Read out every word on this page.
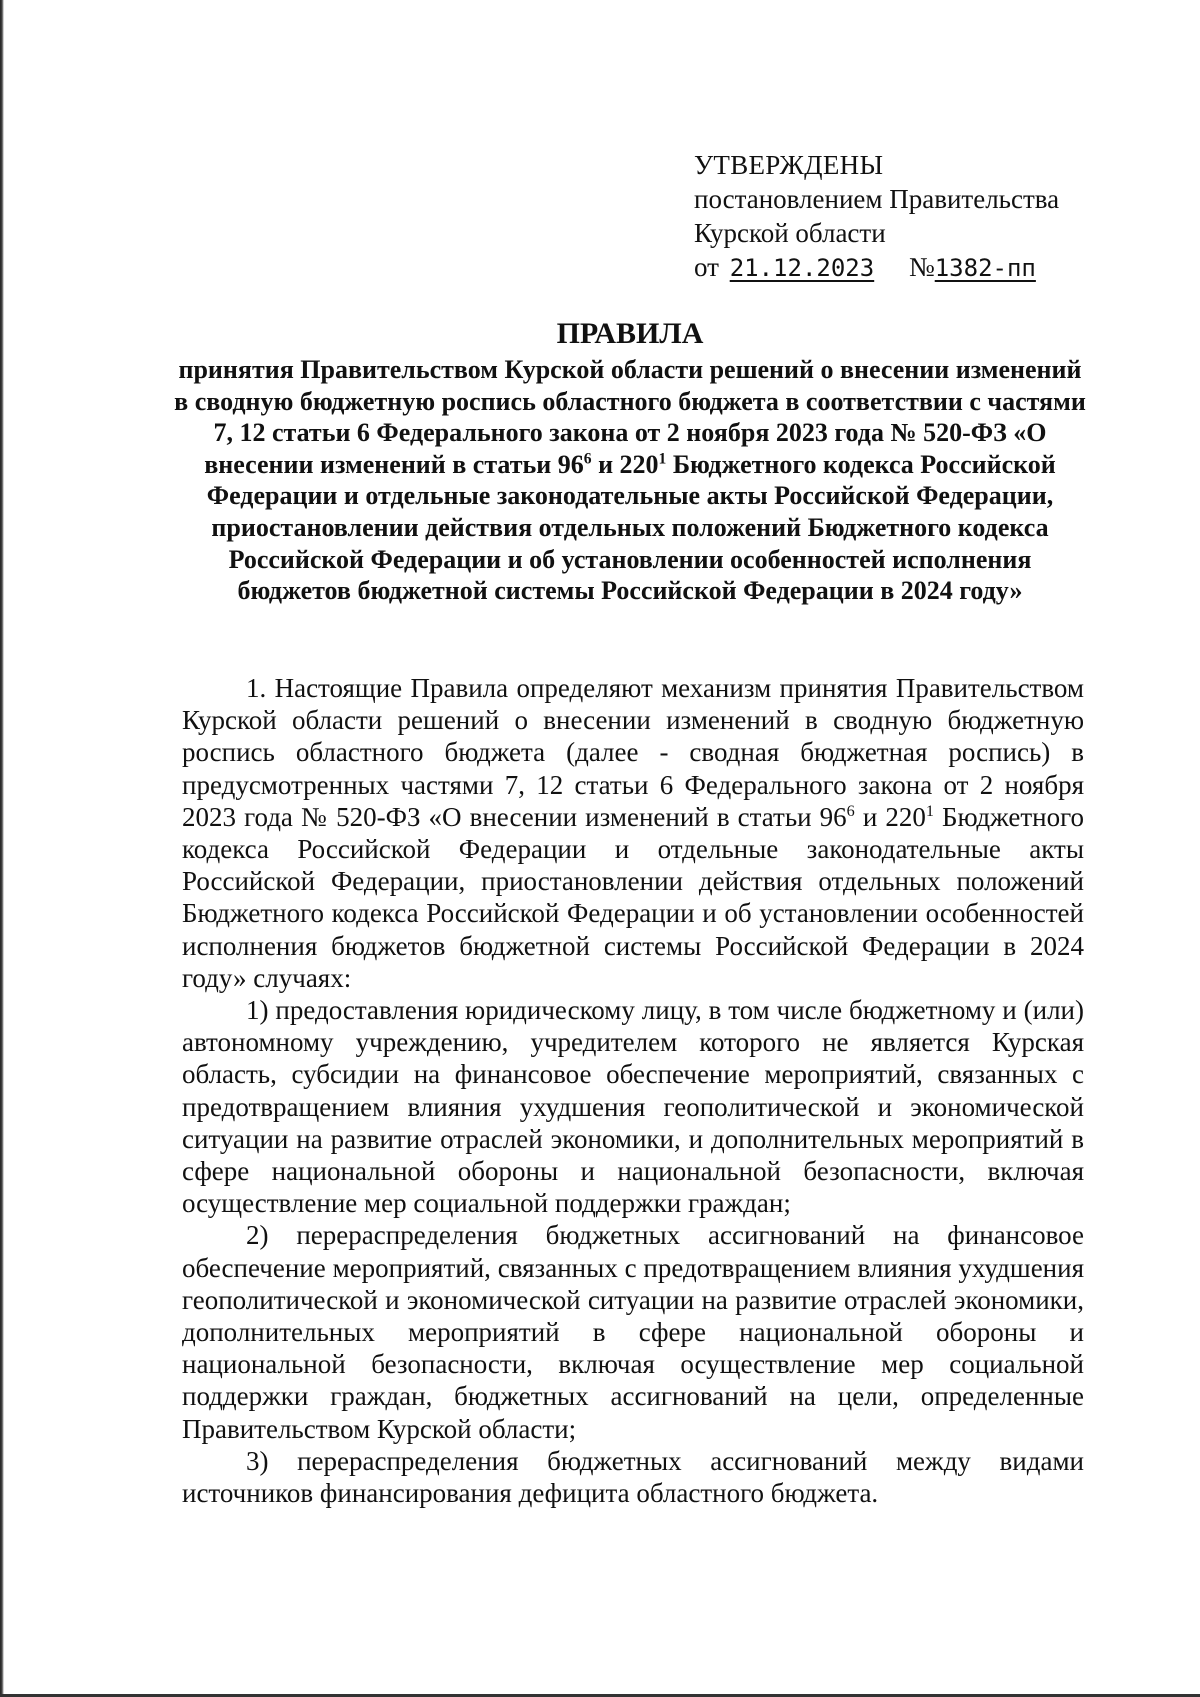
УТВЕРЖДЕНЫ
постановлением Правительства
Курской области
от 21.12.2023 №1382-пп
ПРАВИЛА
принятия Правительством Курской области решений о внесении изменений в сводную бюджетную роспись областного бюджета в соответствии с частями 7, 12 статьи 6 Федерального закона от 2 ноября 2023 года № 520-ФЗ «О внесении изменений в статьи $96^6$ и $220^1$ Бюджетного кодекса Российской Федерации и отдельные законодательные акты Российской Федерации, приостановлении действия отдельных положений Бюджетного кодекса Российской Федерации и об установлении особенностей исполнения бюджетов бюджетной системы Российской Федерации в 2024 году»

1. Настоящие Правила определяют механизм принятия Правительством Курской области решений о внесении изменений в сводную бюджетную роспись областного бюджета (далее - сводная бюджетная роспись) в предусмотренных частями 7, 12 статьи 6 Федерального закона от 2 ноября 2023 года № 520-ФЗ «О внесении изменений в статьи $96^6$ и $220^1$ Бюджетного кодекса Российской Федерации и отдельные законодательные акты Российской Федерации, приостановлении действия отдельных положений Бюджетного кодекса Российской Федерации и об установлении особенностей исполнения бюджетов бюджетной системы Российской Федерации в 2024 году» случаях:

1) предоставления юридическому лицу, в том числе бюджетному и (или) автономному учреждению, учредителем которого не является Курская область, субсидии на финансовое обеспечение мероприятий, связанных с предотвращением влияния ухудшения геополитической и экономической ситуации на развитие отраслей экономики, и дополнительных мероприятий в сфере национальной обороны и национальной безопасности, включая осуществление мер социальной поддержки граждан;

2) перераспределения бюджетных ассигнований на финансовое обеспечение мероприятий, связанных с предотвращением влияния ухудшения геополитической и экономической ситуации на развитие отраслей экономики, дополнительных мероприятий в сфере национальной обороны и национальной безопасности, включая осуществление мер социальной поддержки граждан, бюджетных ассигнований на цели, определенные Правительством Курской области;

3) перераспределения бюджетных ассигнований между видами источников финансирования дефицита областного бюджета.
